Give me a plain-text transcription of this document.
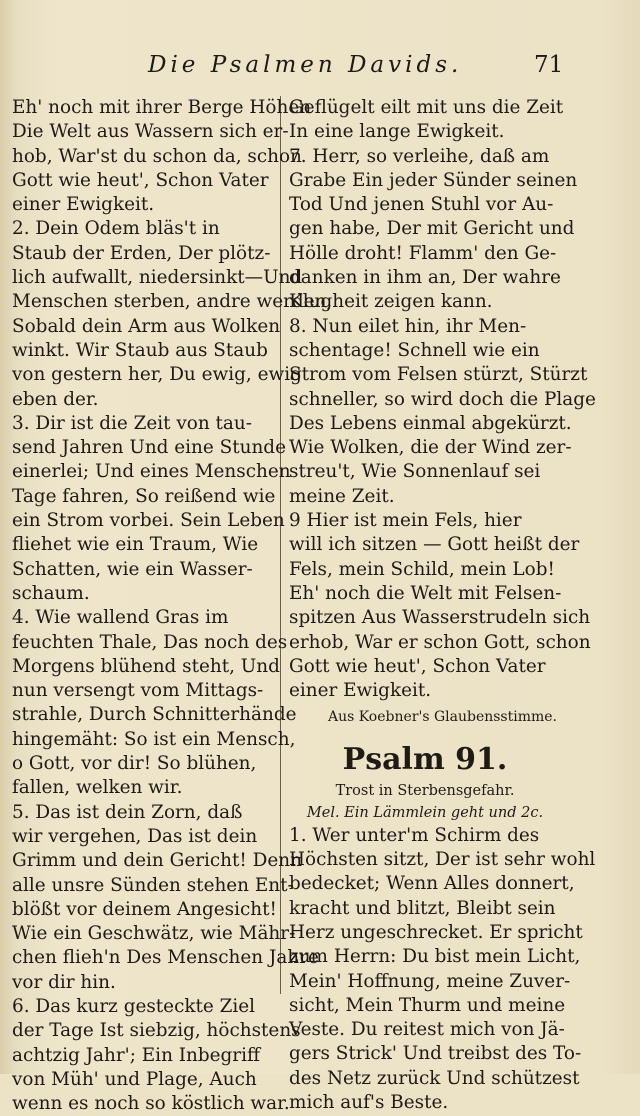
Die Psalmen Davids.	71
Eh' noch mit ihrer Berge Höhen
Die Welt aus Wassern sich er-
hob, War'st du schon da, schon
Gott wie heut', Schon Vater
einer Ewigkeit.
2. Dein Odem bläs't in
Staub der Erden, Der plötz-
lich aufwallt, niedersinkt—Und
Menschen sterben, andre werden,
Sobald dein Arm aus Wolken
winkt. Wir Staub aus Staub
von gestern her, Du ewig, ewig
eben der.
3. Dir ist die Zeit von tau-
send Jahren Und eine Stunde
einerlei; Und eines Menschen
Tage fahren, So reißend wie
ein Strom vorbei. Sein Leben
fliehet wie ein Traum, Wie
Schatten, wie ein Wasser-
schaum.
4. Wie wallend Gras im
feuchten Thale, Das noch des
Morgens blühend steht, Und
nun versengt vom Mittags-
strahle, Durch Schnitterhände
hingemäht: So ist ein Mensch,
o Gott, vor dir! So blühen,
fallen, welken wir.
5. Das ist dein Zorn, daß
wir vergehen, Das ist dein
Grimm und dein Gericht! Denn
alle unsre Sünden stehen Ent-
blößt vor deinem Angesicht!
Wie ein Geschwätz, wie Mähr-
chen flieh'n Des Menschen Jahre
vor dir hin.
6. Das kurz gesteckte Ziel
der Tage Ist siebzig, höchstens
achtzig Jahr'; Ein Inbegriff
von Müh' und Plage, Auch
wenn es noch so köstlich war.
Geflügelt eilt mit uns die Zeit
In eine lange Ewigkeit.
7. Herr, so verleihe, daß am
Grabe Ein jeder Sünder seinen
Tod Und jenen Stuhl vor Au-
gen habe, Der mit Gericht und
Hölle droht! Flamm' den Ge-
danken in ihm an, Der wahre
Klugheit zeigen kann.
8. Nun eilet hin, ihr Men-
schentage! Schnell wie ein
Strom vom Felsen stürzt, Stürzt
schneller, so wird doch die Plage
Des Lebens einmal abgekürzt.
Wie Wolken, die der Wind zer-
streu't, Wie Sonnenlauf sei
meine Zeit.
9 Hier ist mein Fels, hier
will ich sitzen — Gott heißt der
Fels, mein Schild, mein Lob!
Eh' noch die Welt mit Felsen-
spitzen Aus Wasserstrudeln sich
erhob, War er schon Gott, schon
Gott wie heut', Schon Vater
einer Ewigkeit.
Aus Koebner's Glaubensstimme.
Psalm 91.
Trost in Sterbensgefahr.
Mel. Ein Lämmlein geht und 2c.
1. Wer unter'm Schirm des
Höchsten sitzt, Der ist sehr wohl
bedecket; Wenn Alles donnert,
kracht und blitzt, Bleibt sein
Herz ungeschrecket. Er spricht
zum Herrn: Du bist mein Licht,
Mein' Hoffnung, meine Zuver-
sicht, Mein Thurm und meine
Veste. Du reitest mich von Jä-
gers Strick' Und treibst des To-
des Netz zurück Und schützest
mich auf's Beste.
